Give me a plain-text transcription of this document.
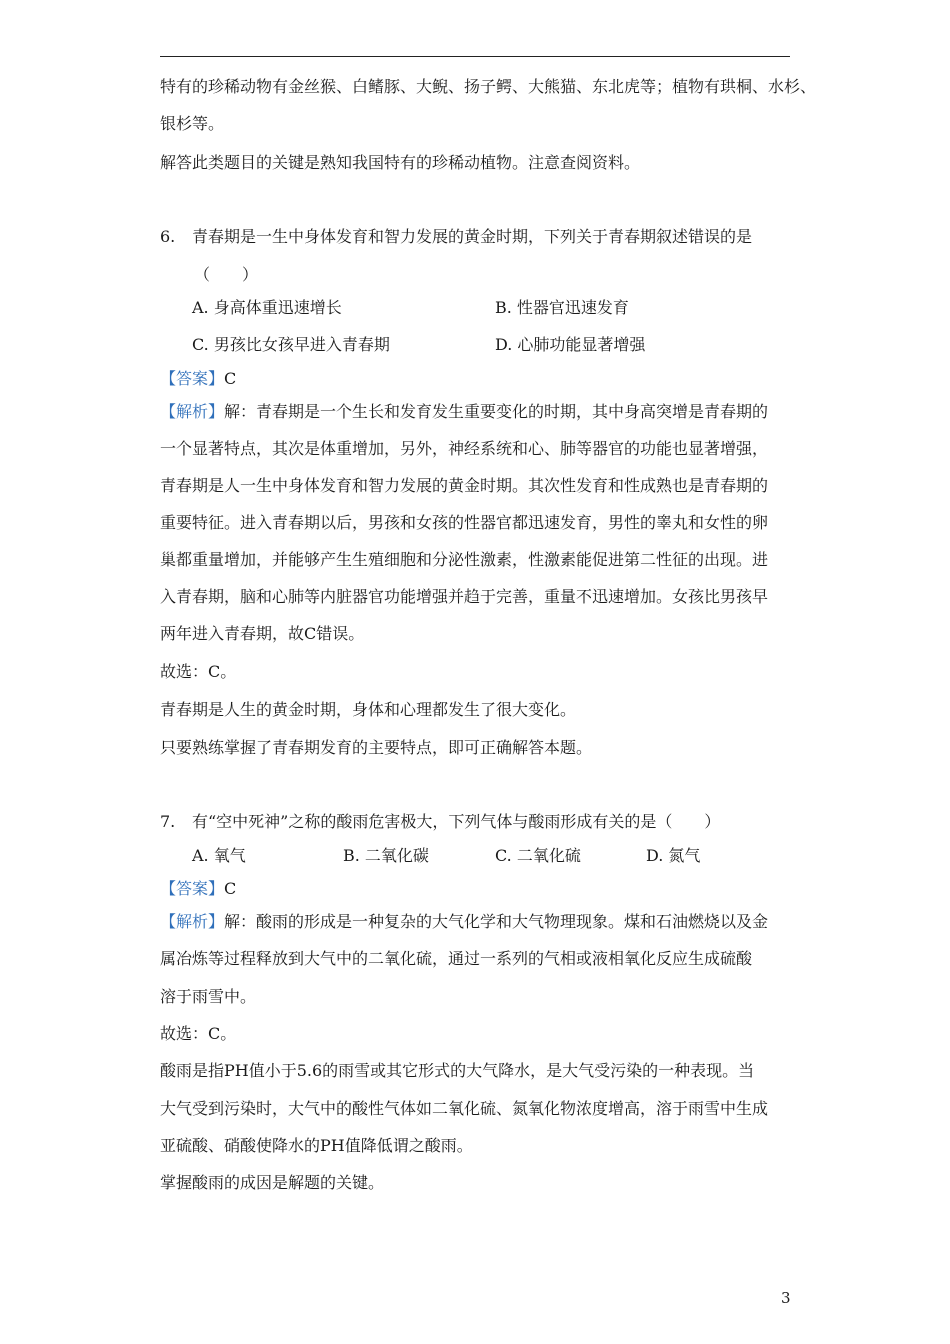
特有的珍稀动物有金丝猴、白鳍豚、大鲵、扬子鳄、大熊猫、东北虎等；植物有珙桐、水杉、
银杉等。
解答此类题目的关键是熟知我国特有的珍稀动植物。注意查阅资料。
6. 青春期是一生中身体发育和智力发展的黄金时期，下列关于青春期叙述错误的是
（　　）
A. 身高体重迅速增长	B. 性器官迅速发育
C. 男孩比女孩早进入青春期	D. 心肺功能显著增强
【答案】C
【解析】解：青春期是一个生长和发育发生重要变化的时期，其中身高突增是青春期的
一个显著特点，其次是体重增加，另外，神经系统和心、肺等器官的功能也显著增强，
青春期是人一生中身体发育和智力发展的黄金时期。其次性发育和性成熟也是青春期的
重要特征。进入青春期以后，男孩和女孩的性器官都迅速发育，男性的睾丸和女性的卵
巢都重量增加，并能够产生生殖细胞和分泌性激素，性激素能促进第二性征的出现。进
入青春期，脑和心肺等内脏器官功能增强并趋于完善，重量不迅速增加。女孩比男孩早
两年进入青春期，故C错误。
故选：C。
青春期是人生的黄金时期，身体和心理都发生了很大变化。
只要熟练掌握了青春期发育的主要特点，即可正确解答本题。
7. 有“空中死神”之称的酸雨危害极大，下列气体与酸雨形成有关的是（　　）
A. 氧气	B. 二氧化碳	C. 二氧化硫	D. 氮气
【答案】C
【解析】解：酸雨的形成是一种复杂的大气化学和大气物理现象。煤和石油燃烧以及金
属冶炼等过程释放到大气中的二氧化硫，通过一系列的气相或液相氧化反应生成硫酸
溶于雨雪中。
故选：C。
酸雨是指PH值小于5.6的雨雪或其它形式的大气降水，是大气受污染的一种表现。当
大气受到污染时，大气中的酸性气体如二氧化硫、氮氧化物浓度增高，溶于雨雪中生成
亚硫酸、硝酸使降水的PH值降低谓之酸雨。
掌握酸雨的成因是解题的关键。
3
